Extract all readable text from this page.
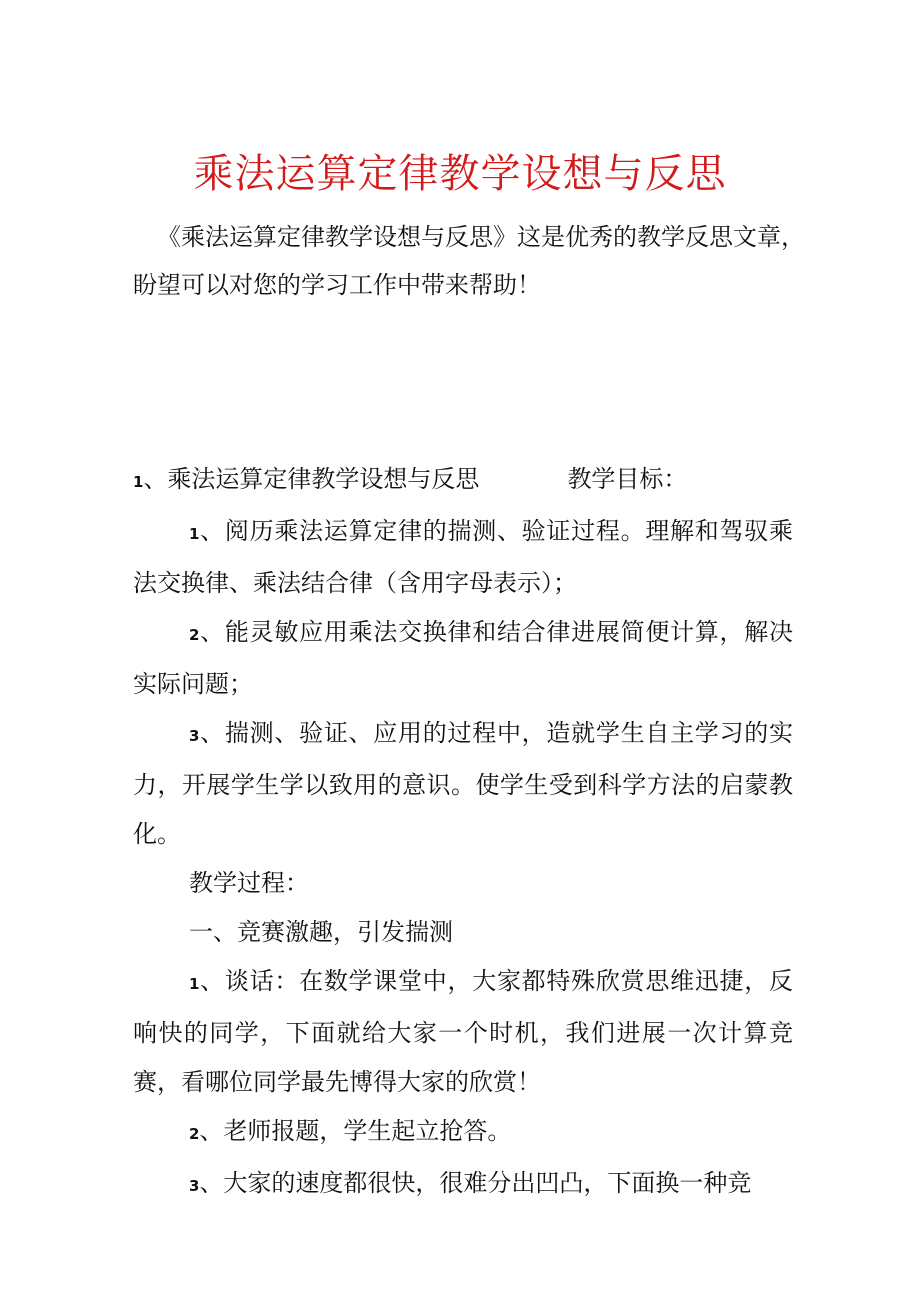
乘法运算定律教学设想与反思

《乘法运算定律教学设想与反思》这是优秀的教学反思文章，盼望可以对您的学习工作中带来帮助！

1、乘法运算定律教学设想与反思	教学目标：

1、阅历乘法运算定律的揣测、验证过程。理解和驾驭乘法交换律、乘法结合律（含用字母表示）；

2、能灵敏应用乘法交换律和结合律进展简便计算，解决实际问题；

3、揣测、验证、应用的过程中，造就学生自主学习的实力，开展学生学以致用的意识。使学生受到科学方法的启蒙教化。

教学过程：

一、竞赛激趣，引发揣测

1、谈话：在数学课堂中，大家都特殊欣赏思维迅捷，反响快的同学，下面就给大家一个时机，我们进展一次计算竞赛，看哪位同学最先博得大家的欣赏！

2、老师报题，学生起立抢答。

3、大家的速度都很快，很难分出凹凸，下面换一种竞
